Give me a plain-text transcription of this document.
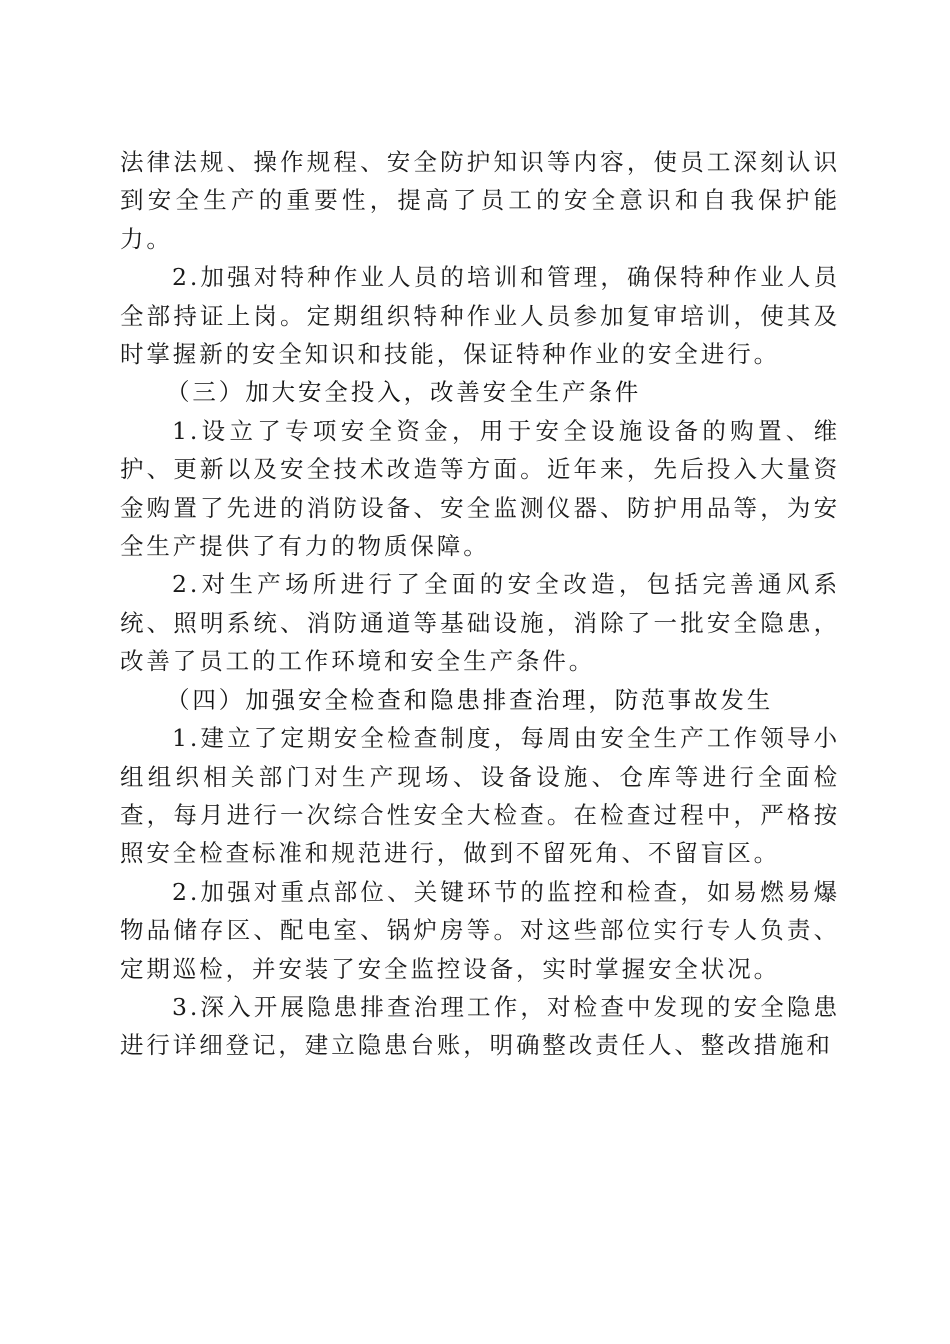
法律法规、操作规程、安全防护知识等内容，使员工深刻认识到安全生产的重要性，提高了员工的安全意识和自我保护能力。

2.加强对特种作业人员的培训和管理，确保特种作业人员全部持证上岗。定期组织特种作业人员参加复审培训，使其及时掌握新的安全知识和技能，保证特种作业的安全进行。

（三）加大安全投入，改善安全生产条件

1.设立了专项安全资金，用于安全设施设备的购置、维护、更新以及安全技术改造等方面。近年来，先后投入大量资金购置了先进的消防设备、安全监测仪器、防护用品等，为安全生产提供了有力的物质保障。

2.对生产场所进行了全面的安全改造，包括完善通风系统、照明系统、消防通道等基础设施，消除了一批安全隐患，改善了员工的工作环境和安全生产条件。

（四）加强安全检查和隐患排查治理，防范事故发生

1.建立了定期安全检查制度，每周由安全生产工作领导小组组织相关部门对生产现场、设备设施、仓库等进行全面检查，每月进行一次综合性安全大检查。在检查过程中，严格按照安全检查标准和规范进行，做到不留死角、不留盲区。

2.加强对重点部位、关键环节的监控和检查，如易燃易爆物品储存区、配电室、锅炉房等。对这些部位实行专人负责、定期巡检，并安装了安全监控设备，实时掌握安全状况。

3.深入开展隐患排查治理工作，对检查中发现的安全隐患进行详细登记，建立隐患台账，明确整改责任人、整改措施和
